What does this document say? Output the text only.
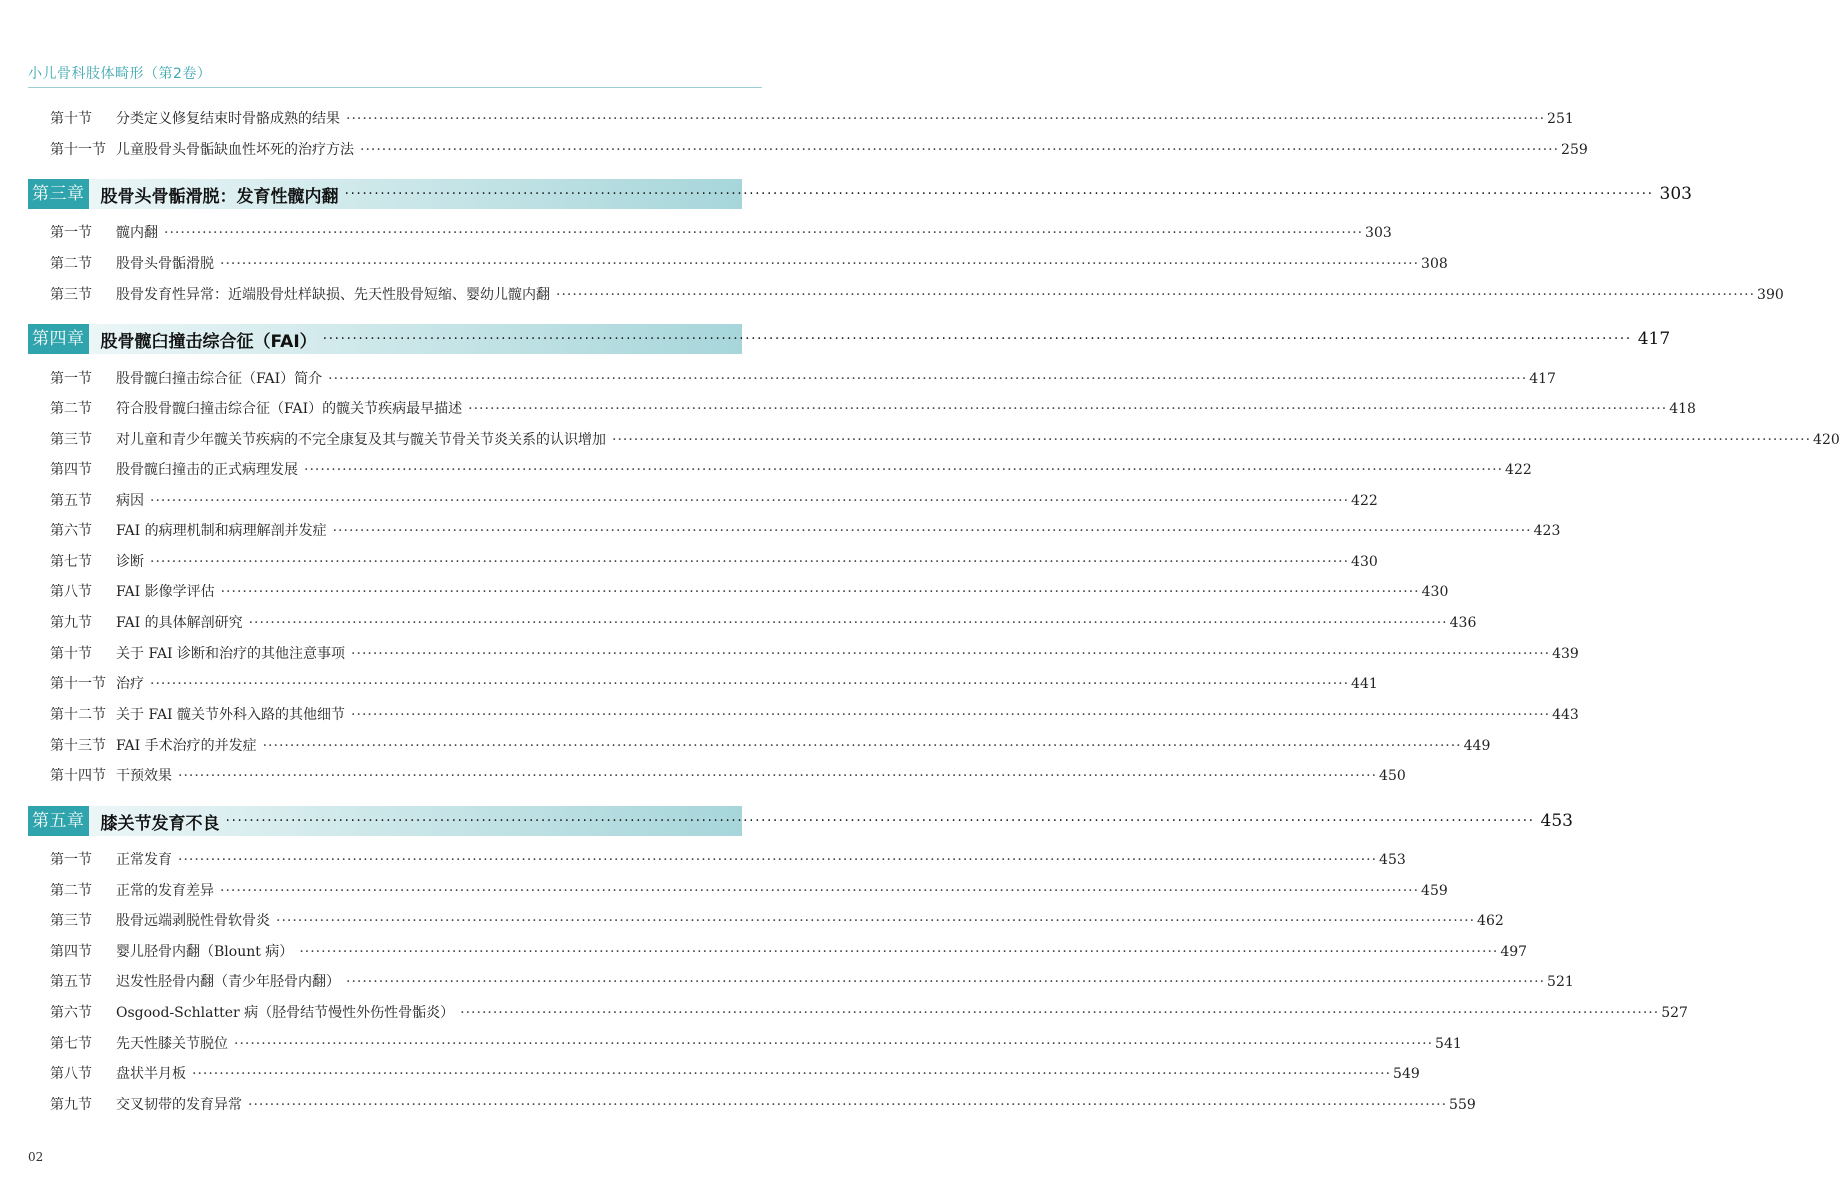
小儿骨科肢体畸形（第2卷）
第十节	分类定义修复结束时骨骼成熟的结果 ···························································································································································································································· 251
第十一节 儿童股骨头骨骺缺血性坏死的治疗方法 ···························································································································································································································· 259
第三章 股骨头骨骺滑脱：发育性髋内翻 ···························································································································································································································· 303
第一节	髋内翻 ···························································································································································································································· 303
第二节	股骨头骨骺滑脱 ···························································································································································································································· 308
第三节	股骨发育性异常：近端股骨灶样缺损、先天性股骨短缩、婴幼儿髋内翻 ···························································································································································································································· 390
第四章 股骨髋臼撞击综合征（FAI） ···························································································································································································································· 417
第一节	股骨髋臼撞击综合征（FAI）简介 ···························································································································································································································· 417
第二节	符合股骨髋臼撞击综合征（FAI）的髋关节疾病最早描述 ···························································································································································································································· 418
第三节	对儿童和青少年髋关节疾病的不完全康复及其与髋关节骨关节炎关系的认识增加 ···························································································································································································································· 420
第四节	股骨髋臼撞击的正式病理发展 ···························································································································································································································· 422
第五节	病因 ···························································································································································································································· 422
第六节	FAI 的病理机制和病理解剖并发症 ···························································································································································································································· 423
第七节	诊断 ···························································································································································································································· 430
第八节	FAI 影像学评估 ···························································································································································································································· 430
第九节	FAI 的具体解剖研究 ···························································································································································································································· 436
第十节	关于 FAI 诊断和治疗的其他注意事项 ···························································································································································································································· 439
第十一节 治疗 ···························································································································································································································· 441
第十二节 关于 FAI 髋关节外科入路的其他细节 ···························································································································································································································· 443
第十三节 FAI 手术治疗的并发症 ···························································································································································································································· 449
第十四节 干预效果 ···························································································································································································································· 450
第五章 膝关节发育不良 ···························································································································································································································· 453
第一节	正常发育 ···························································································································································································································· 453
第二节	正常的发育差异 ···························································································································································································································· 459
第三节	股骨远端剥脱性骨软骨炎 ···························································································································································································································· 462
第四节	婴儿胫骨内翻（Blount 病） ···························································································································································································································· 497
第五节	迟发性胫骨内翻（青少年胫骨内翻） ···························································································································································································································· 521
第六节	Osgood-Schlatter 病（胫骨结节慢性外伤性骨骺炎） ···························································································································································································································· 527
第七节	先天性膝关节脱位 ···························································································································································································································· 541
第八节	盘状半月板 ···························································································································································································································· 549
第九节	交叉韧带的发育异常 ···························································································································································································································· 559
02
